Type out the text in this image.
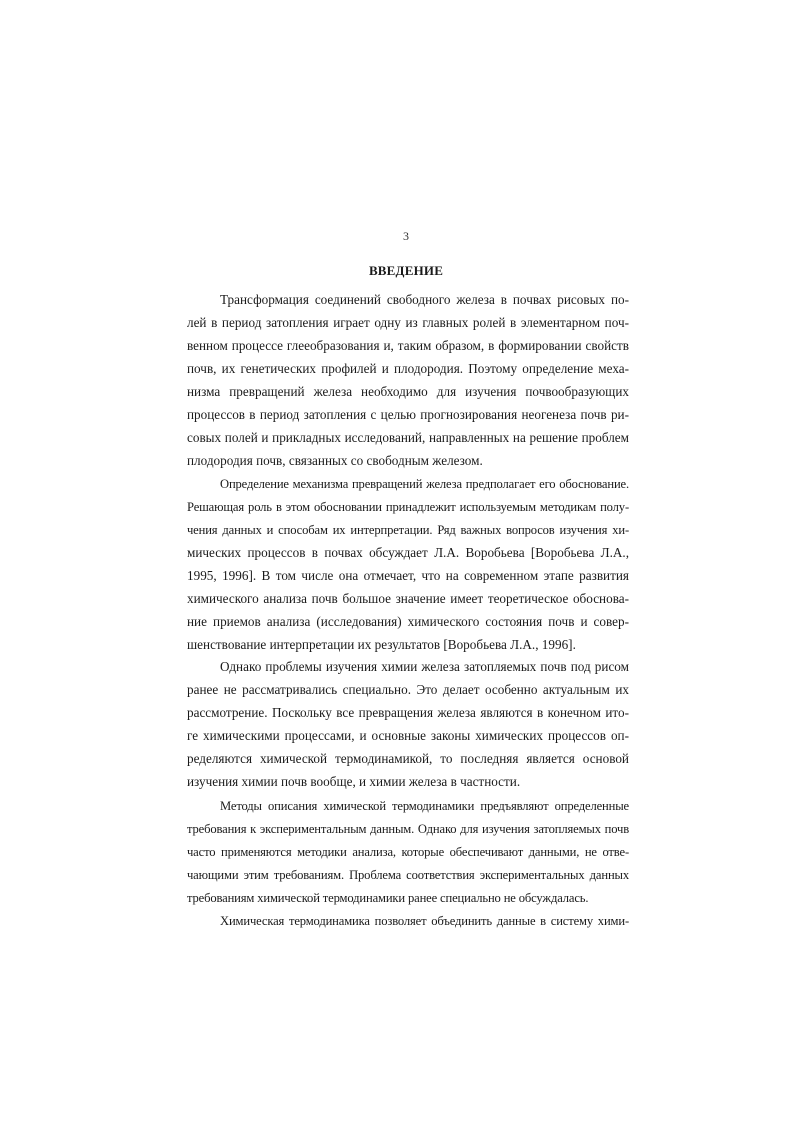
3
ВВЕДЕНИЕ
Трансформация соединений свободного железа в почвах рисовых по-
лей в период затопления играет одну из главных ролей в элементарном поч-
венном процессе глееобразования и, таким образом, в формировании свойств
почв, их генетических профилей и плодородия. Поэтому определение меха-
низма превращений железа необходимо для изучения почвообразующих
процессов в период затопления с целью прогнозирования неогенеза почв ри-
совых полей и прикладных исследований, направленных на решение проблем
плодородия почв, связанных со свободным железом.
Определение механизма превращений железа предполагает его обоснование.
Решающая роль в этом обосновании принадлежит используемым методикам полу-
чения данных и способам их интерпретации. Ряд важных вопросов изучения хи-
мических процессов в почвах обсуждает Л.А. Воробьева [Воробьева Л.А.,
1995, 1996]. В том числе она отмечает, что на современном этапе развития
химического анализа почв большое значение имеет теоретическое обоснова-
ние приемов анализа (исследования) химического состояния почв и совер-
шенствование интерпретации их результатов [Воробьева Л.А., 1996].
Однако проблемы изучения химии железа затопляемых почв под рисом
ранее не рассматривались специально. Это делает особенно актуальным их
рассмотрение. Поскольку все превращения железа являются в конечном ито-
ге химическими процессами, и основные законы химических процессов оп-
ределяются химической термодинамикой, то последняя является основой
изучения химии почв вообще, и химии железа в частности.
Методы описания химической термодинамики предъявляют определенные
требования к экспериментальным данным. Однако для изучения затопляемых почв
часто применяются методики анализа, которые обеспечивают данными, не отве-
чающими этим требованиям. Проблема соответствия экспериментальных данных
требованиям химической термодинамики ранее специально не обсуждалась.
Химическая термодинамика позволяет объединить данные в систему хими-
